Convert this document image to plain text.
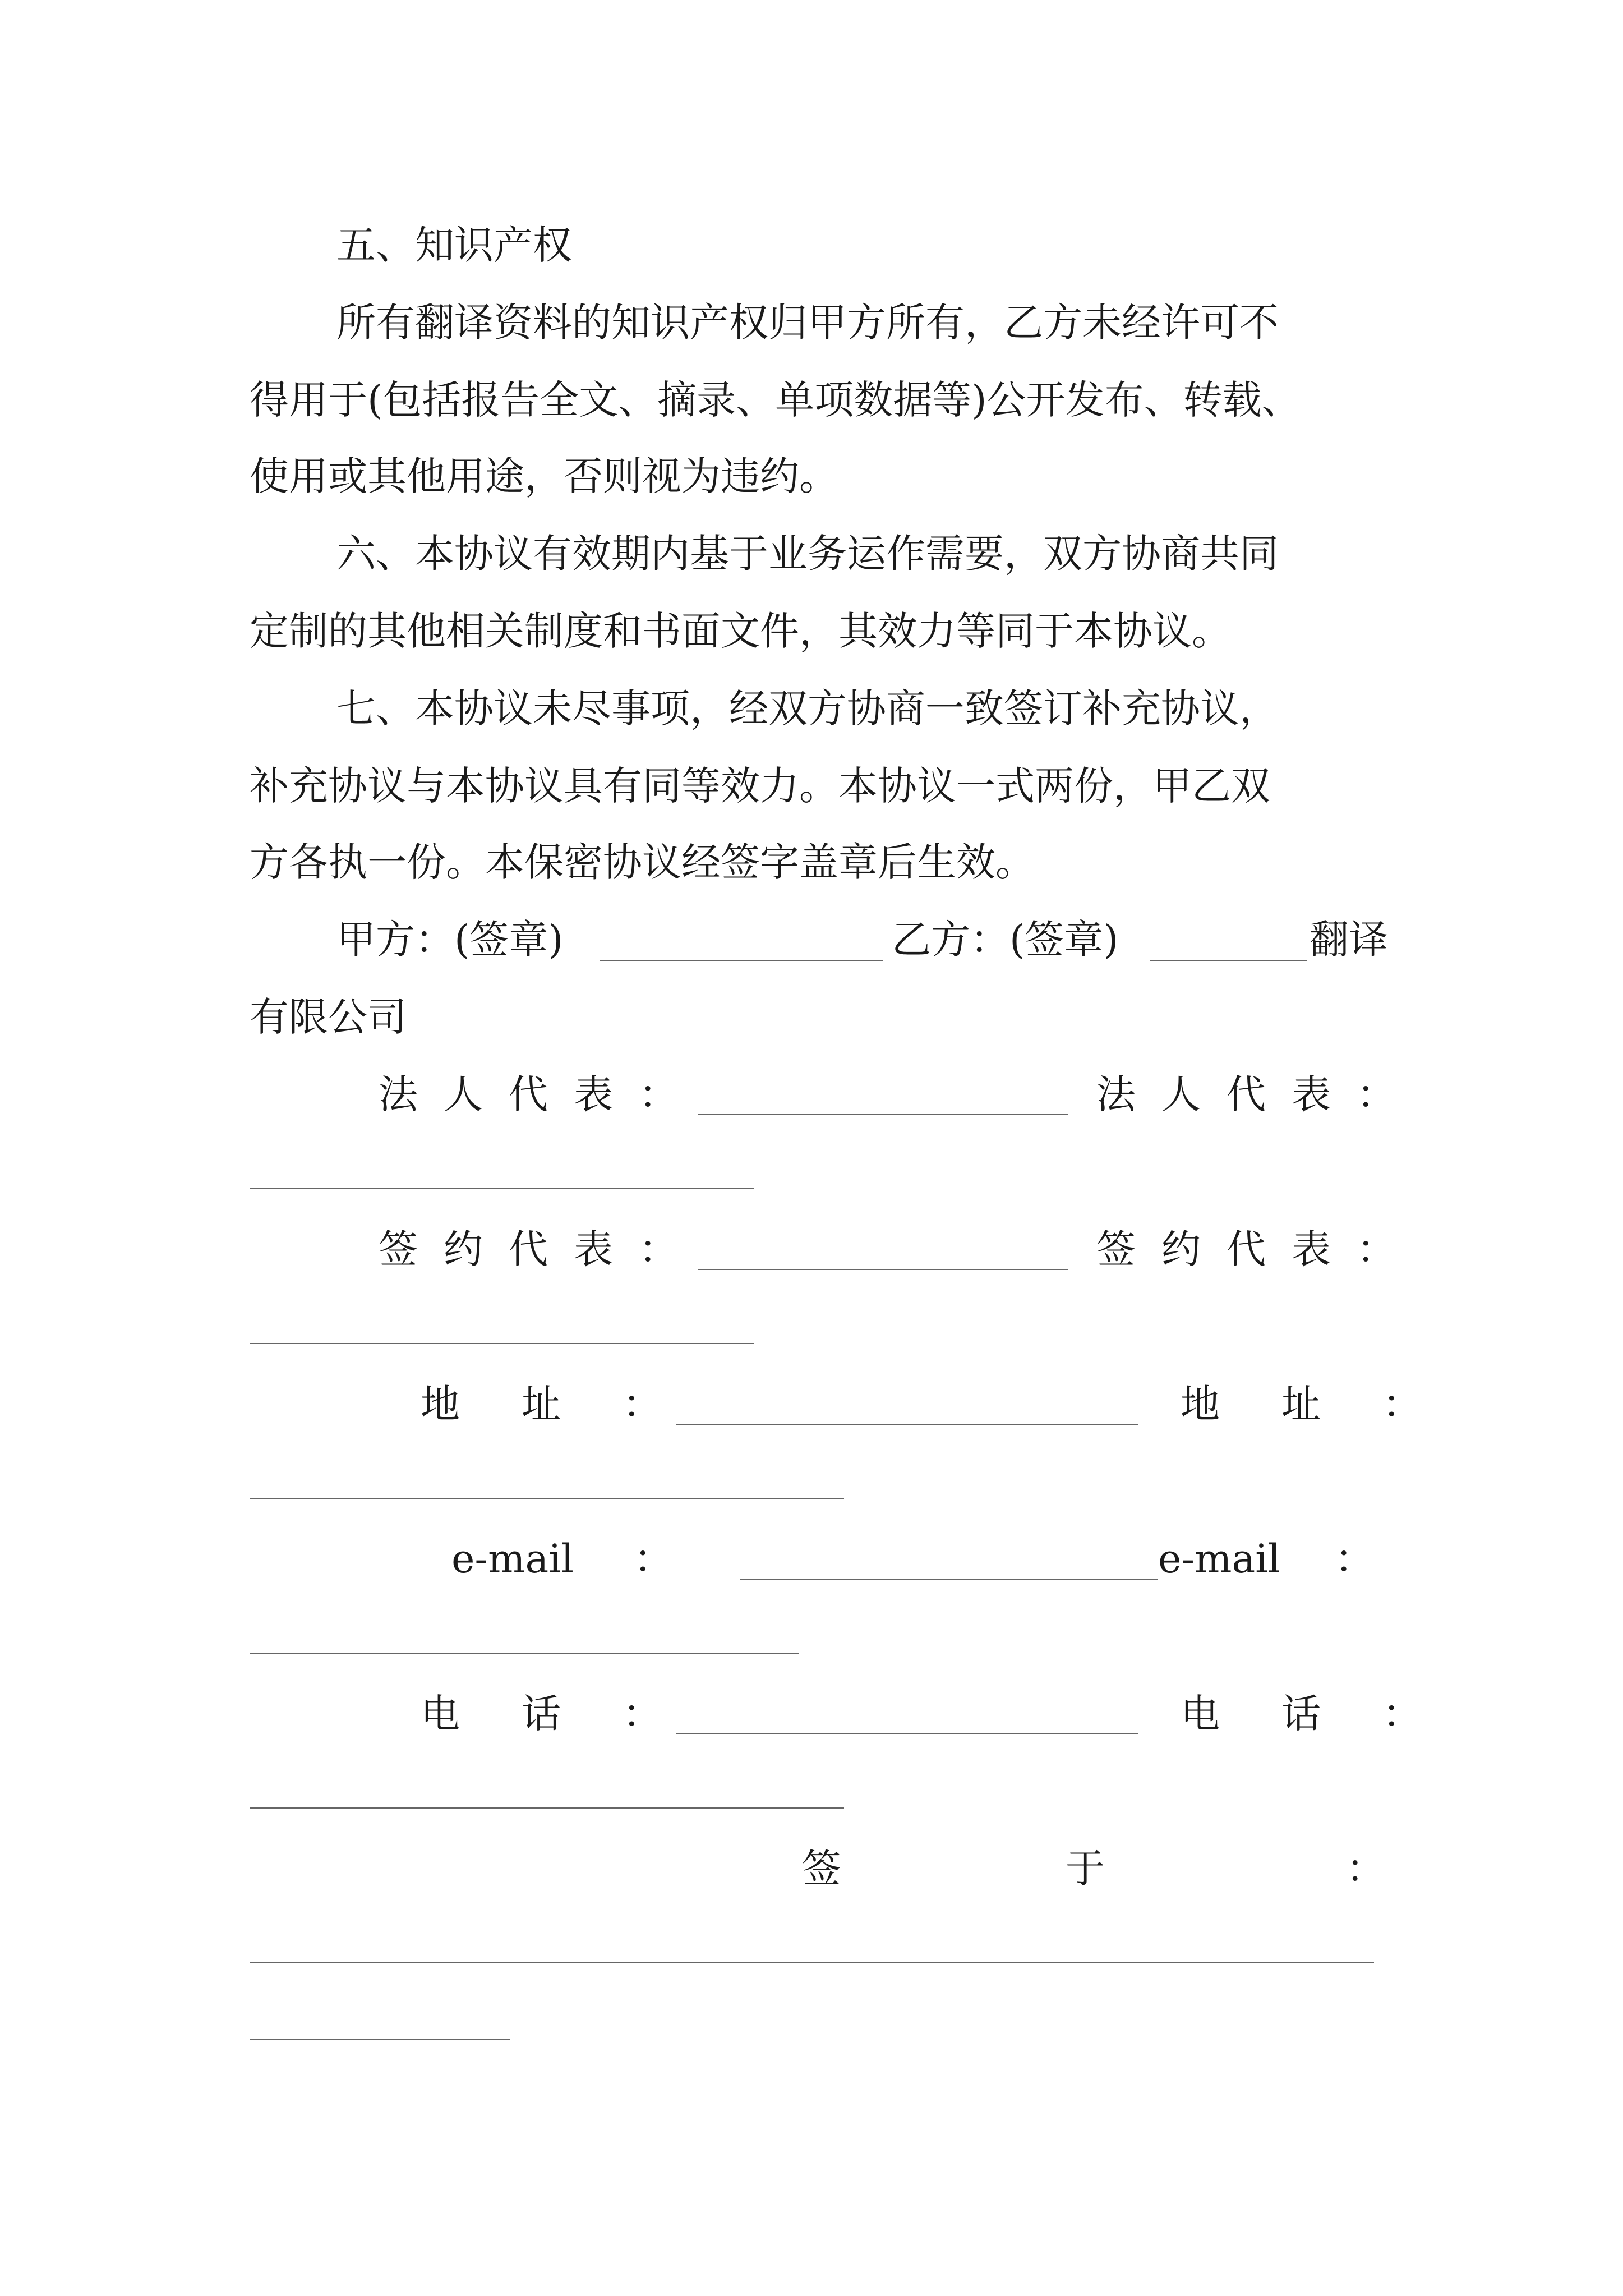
五、知识产权
所有翻译资料的知识产权归甲方所有，乙方未经许可不
得用于(包括报告全文、摘录、单项数据等)公开发布、转载、
使用或其他用途，否则视为违约。
六、本协议有效期内基于业务运作需要，双方协商共同
定制的其他相关制度和书面文件，其效力等同于本协议。
七、本协议未尽事项，经双方协商一致签订补充协议，
补充协议与本协议具有同等效力。本协议一式两份，甲乙双
方各执一份。本保密协议经签字盖章后生效。
甲方：(签章)	乙方：(签章)	翻译
有限公司
法人代表：	法人代表：
签约代表：	签约代表：
地址：	地址：
e-mail ：	e-mail ：
电话：	电话：
签于 ：
